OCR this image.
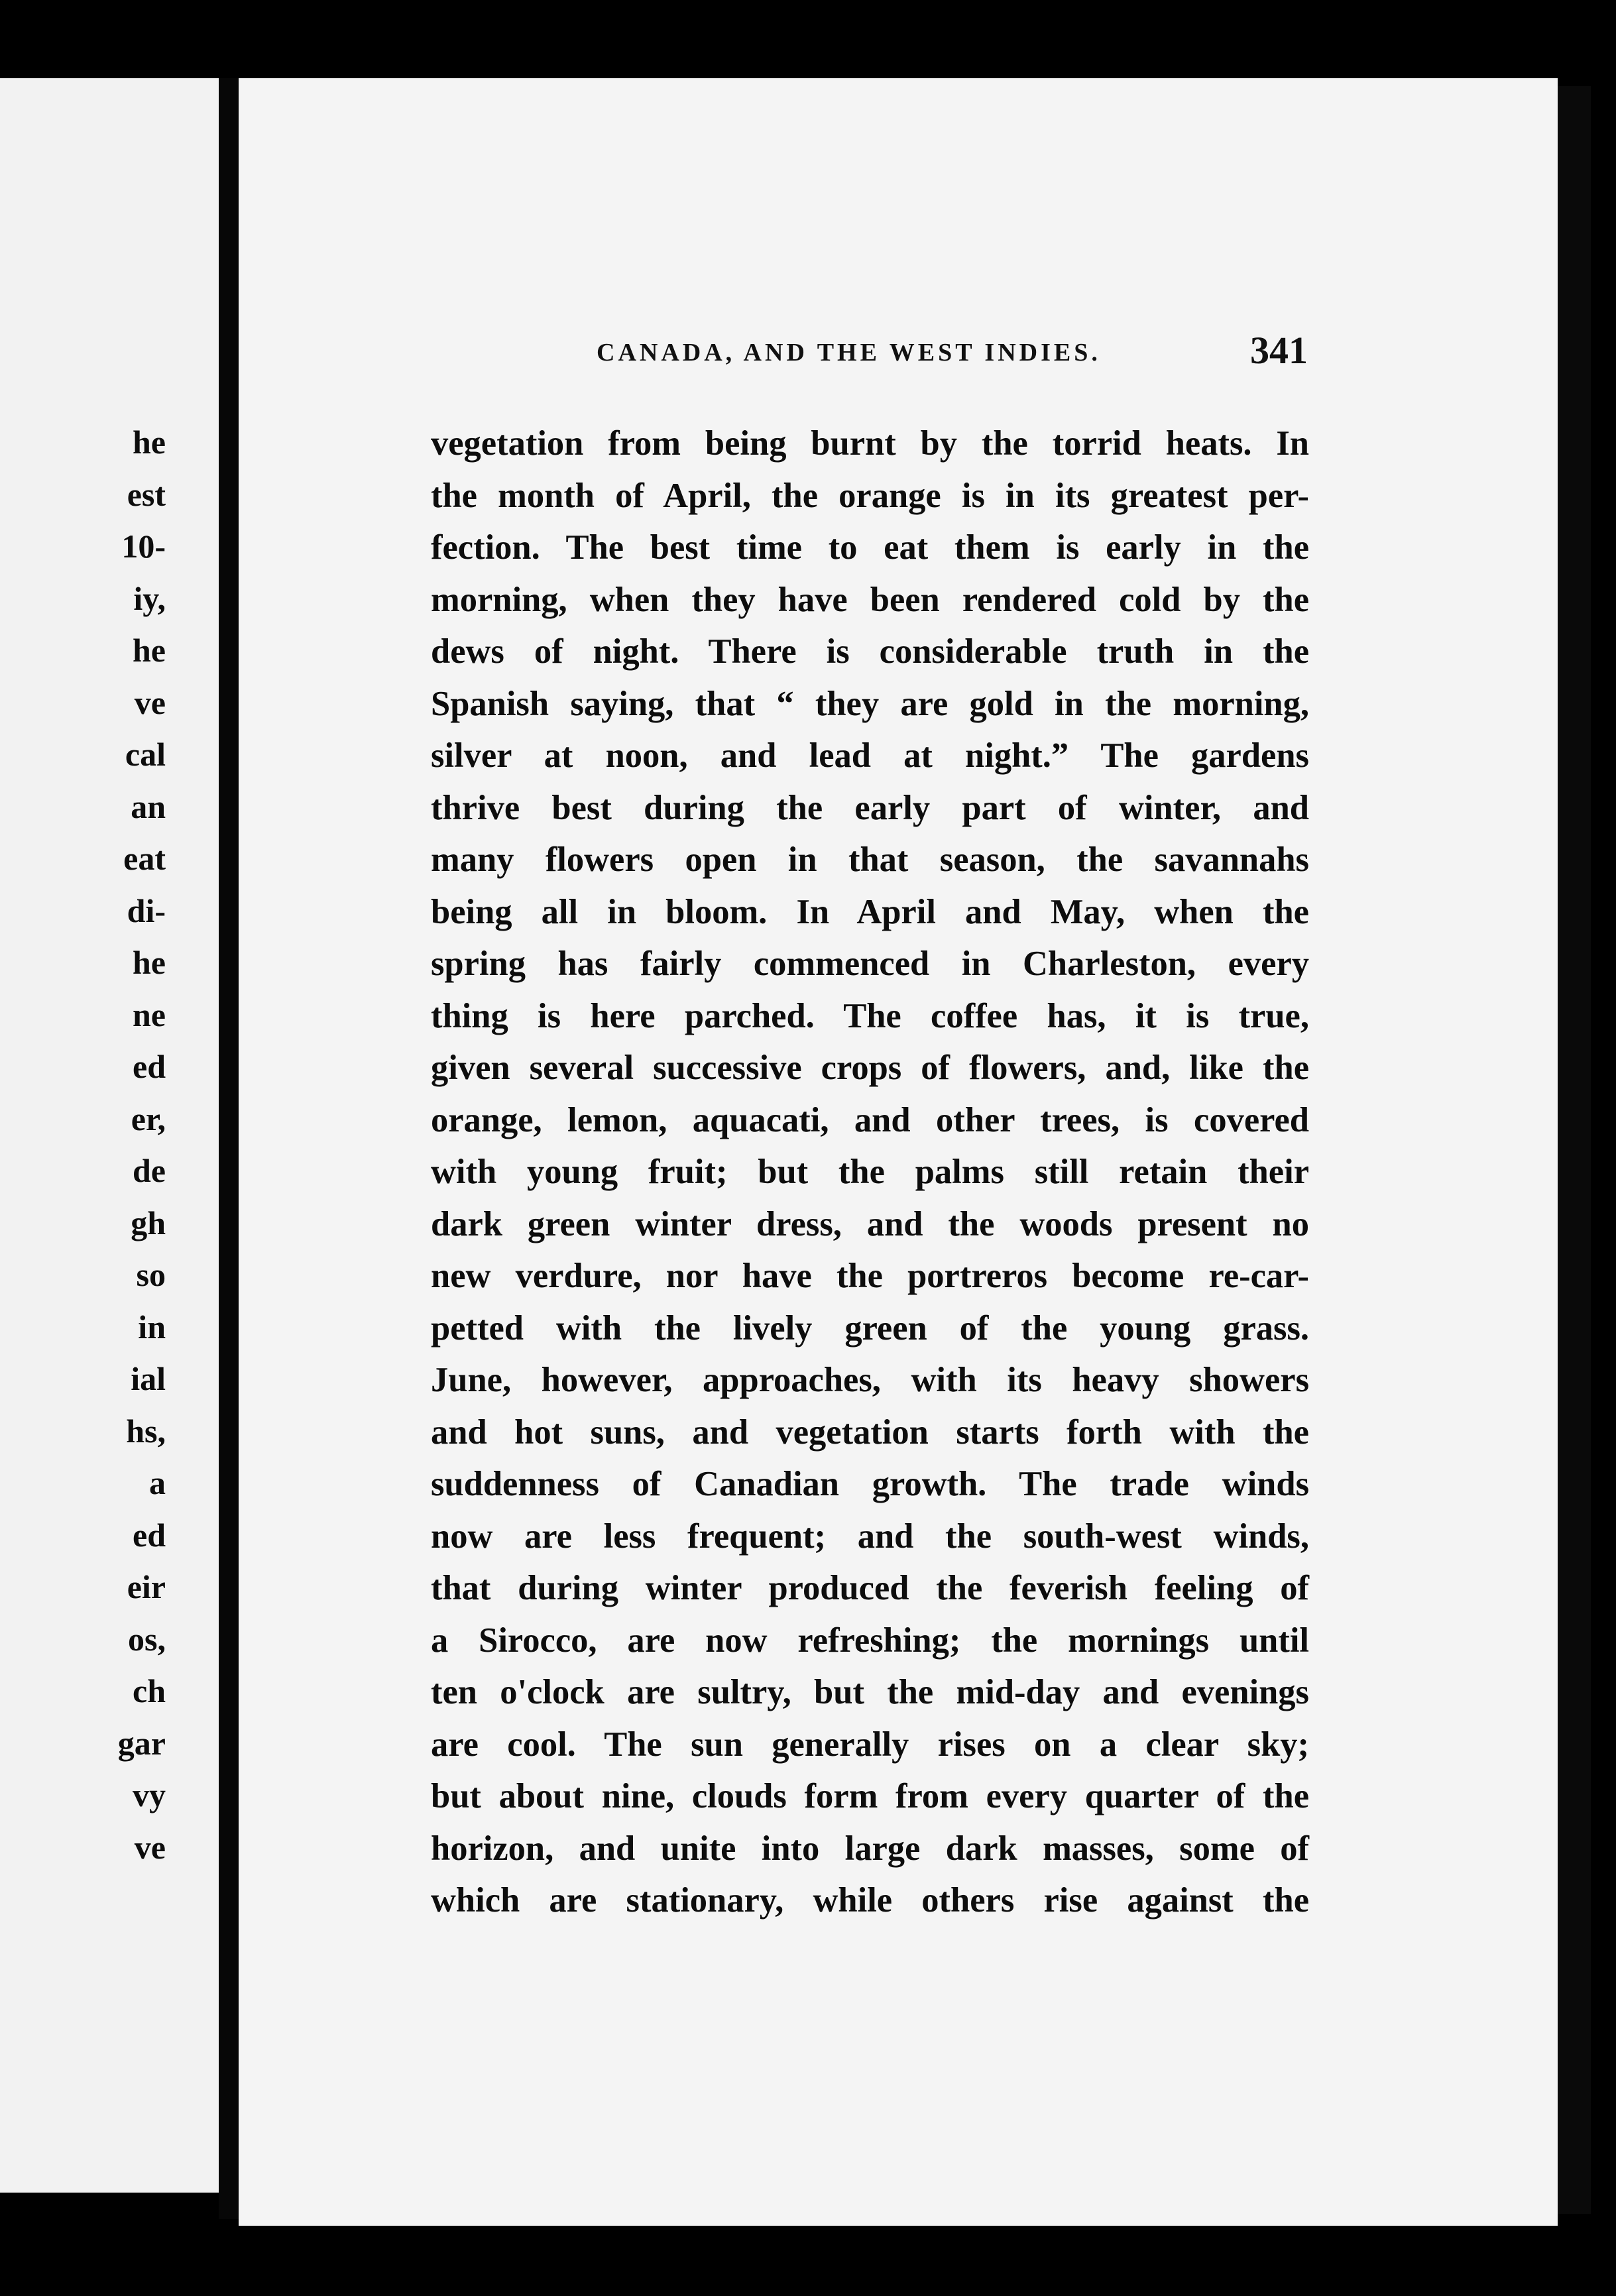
he
est
10-
iy,
he
ve
cal
an
eat
di-
he
ne
ed
er,
de
gh
so
in
ial
hs,
a
ed
eir
os,
ch
gar
vy
ve
CANADA, AND THE WEST INDIES.	341
vegetation from being burnt by the torrid heats. In
the month of April, the orange is in its greatest per-
fection. The best time to eat them is early in the
morning, when they have been rendered cold by the
dews of night. There is considerable truth in the
Spanish saying, that “ they are gold in the morning,
silver at noon, and lead at night.” The gardens
thrive best during the early part of winter, and
many flowers open in that season, the savannahs
being all in bloom. In April and May, when the
spring has fairly commenced in Charleston, every
thing is here parched. The coffee has, it is true,
given several successive crops of flowers, and, like the
orange, lemon, aquacati, and other trees, is covered
with young fruit; but the palms still retain their
dark green winter dress, and the woods present no
new verdure, nor have the portreros become re-car-
petted with the lively green of the young grass.
June, however, approaches, with its heavy showers
and hot suns, and vegetation starts forth with the
suddenness of Canadian growth. The trade winds
now are less frequent; and the south-west winds,
that during winter produced the feverish feeling of
a Sirocco, are now refreshing; the mornings until
ten o'clock are sultry, but the mid-day and evenings
are cool. The sun generally rises on a clear sky;
but about nine, clouds form from every quarter of the
horizon, and unite into large dark masses, some of
which are stationary, while others rise against the
